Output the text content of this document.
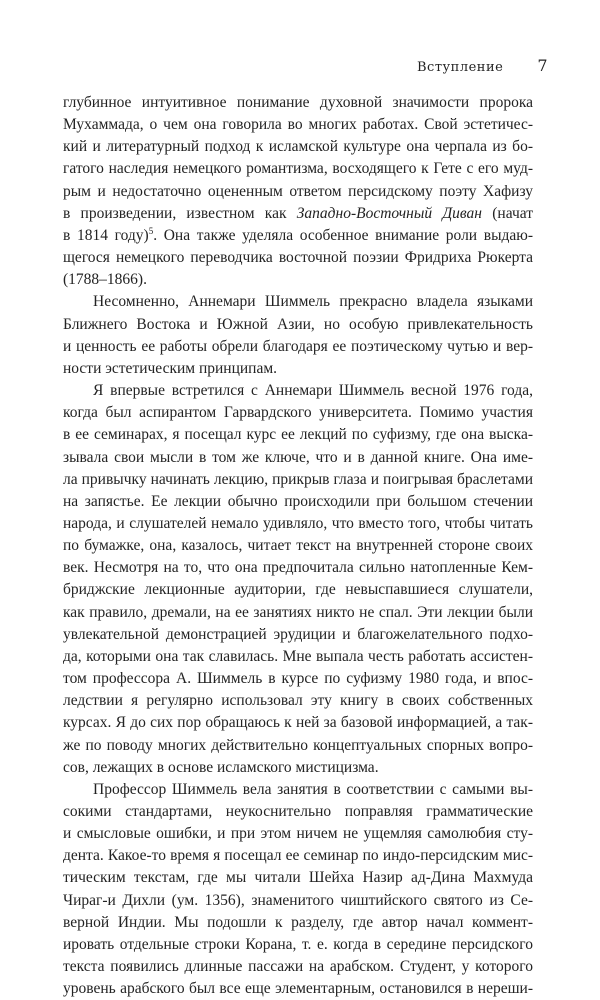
Вступление 7

глубинное интуитивное понимание духовной значимости пророка
Мухаммада, о чем она говорила во многих работах. Свой эстетичес-
кий и литературный подход к исламской культуре она черпала из бо-
гатого наследия немецкого романтизма, восходящего к Гете с его муд-
рым и недостаточно оцененным ответом персидскому поэту Хафизу
в произведении, известном как Западно-Восточный Диван (начат
в 1814 году)$^5$. Она также уделяла особенное внимание роли выдаю-
щегося немецкого переводчика восточной поэзии Фридриха Рюкерта
(1788–1866).

Несомненно, Аннемари Шиммель прекрасно владела языками
Ближнего Востока и Южной Азии, но особую привлекательность
и ценность ее работы обрели благодаря ее поэтическому чутью и вер-
ности эстетическим принципам.

Я впервые встретился с Аннемари Шиммель весной 1976 года,
когда был аспирантом Гарвардского университета. Помимо участия
в ее семинарах, я посещал курс ее лекций по суфизму, где она выска-
зывала свои мысли в том же ключе, что и в данной книге. Она име-
ла привычку начинать лекцию, прикрыв глаза и поигрывая браслетами
на запястье. Ее лекции обычно происходили при большом стечении
народа, и слушателей немало удивляло, что вместо того, чтобы читать
по бумажке, она, казалось, читает текст на внутренней стороне своих
век. Несмотря на то, что она предпочитала сильно натопленные Кем-
бриджские лекционные аудитории, где невыспавшиеся слушатели,
как правило, дремали, на ее занятиях никто не спал. Эти лекции были
увлекательной демонстрацией эрудиции и благожелательного подхо-
да, которыми она так славилась. Мне выпала честь работать ассистен-
том профессора А. Шиммель в курсе по суфизму 1980 года, и впос-
ледствии я регулярно использовал эту книгу в своих собственных
курсах. Я до сих пор обращаюсь к ней за базовой информацией, а так-
же по поводу многих действительно концептуальных спорных вопро-
сов, лежащих в основе исламского мистицизма.

Профессор Шиммель вела занятия в соответствии с самыми вы-
сокими стандартами, неукоснительно поправляя грамматические
и смысловые ошибки, и при этом ничем не ущемляя самолюбия сту-
дента. Какое-то время я посещал ее семинар по индо-персидским мис-
тическим текстам, где мы читали Шейха Назир ад-Дина Махмуда
Чираг-и Дихли (ум. 1356), знаменитого чиштийского святого из Се-
верной Индии. Мы подошли к разделу, где автор начал коммент-
ировать отдельные строки Корана, т. е. когда в середине персидского
текста появились длинные пассажи на арабском. Студент, у которого
уровень арабского был все еще элементарным, остановился в нереши-
